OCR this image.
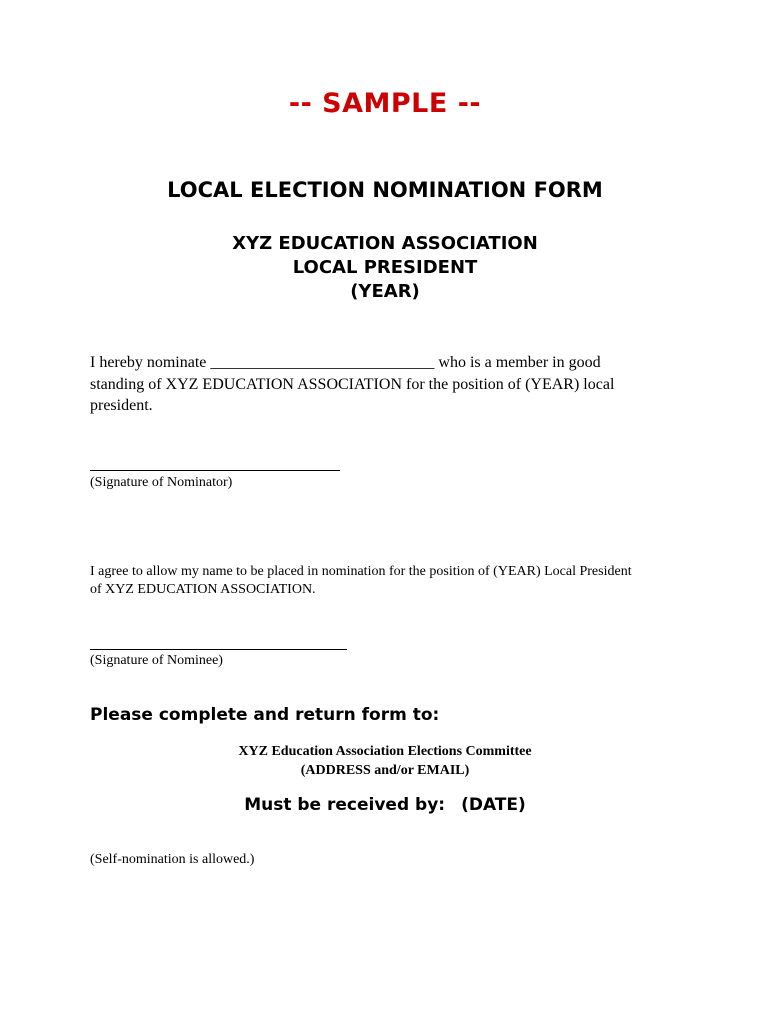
-- SAMPLE --
LOCAL ELECTION NOMINATION FORM
XYZ EDUCATION ASSOCIATION
LOCAL PRESIDENT
(YEAR)
I hereby nominate ____________________________ who is a member in good
standing of XYZ EDUCATION ASSOCIATION for the position of (YEAR) local
president.
(Signature of Nominator)
I agree to allow my name to be placed in nomination for the position of (YEAR) Local President
of XYZ EDUCATION ASSOCIATION.
(Signature of Nominee)
Please complete and return form to:
XYZ Education Association Elections Committee
(ADDRESS and/or EMAIL)
Must be received by: (DATE)
(Self-nomination is allowed.)
